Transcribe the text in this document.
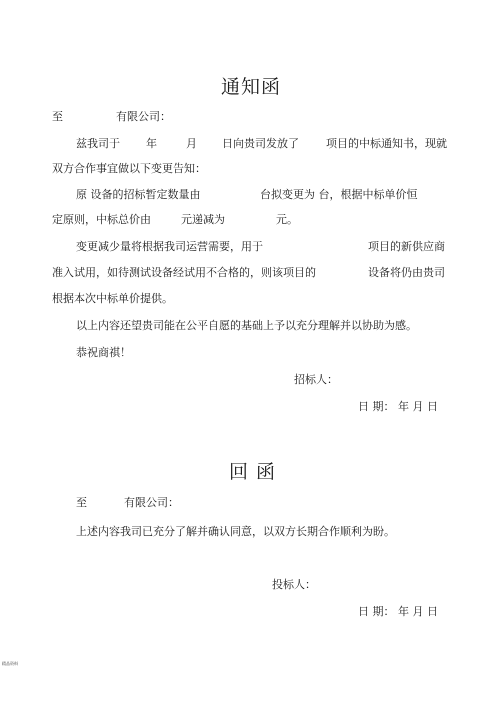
通知函
至	有限公司：
兹我司于 年	月 日向贵司发放了 项目的中标通知书，现就
双方合作事宜做以下变更告知：
原 设备的招标暂定数量由	台拟变更为 台，根据中标单价恒
定原则，中标总价由	元递减为	元。
变更减少量将根据我司运营需要，用于	项目的新供应商
准入试用，如待测试设备经试用不合格的，则该项目的	设备将仍由贵司
根据本次中标单价提供。
以上内容还望贵司能在公平自愿的基础上予以充分理解并以协助为感。
恭祝商祺！
招标人：
日 期： 年 月 日
回 函
至	有限公司：
上述内容我司已充分了解并确认同意，以双方长期合作顺利为盼。
投标人：
日 期： 年 月 日
精品资料
